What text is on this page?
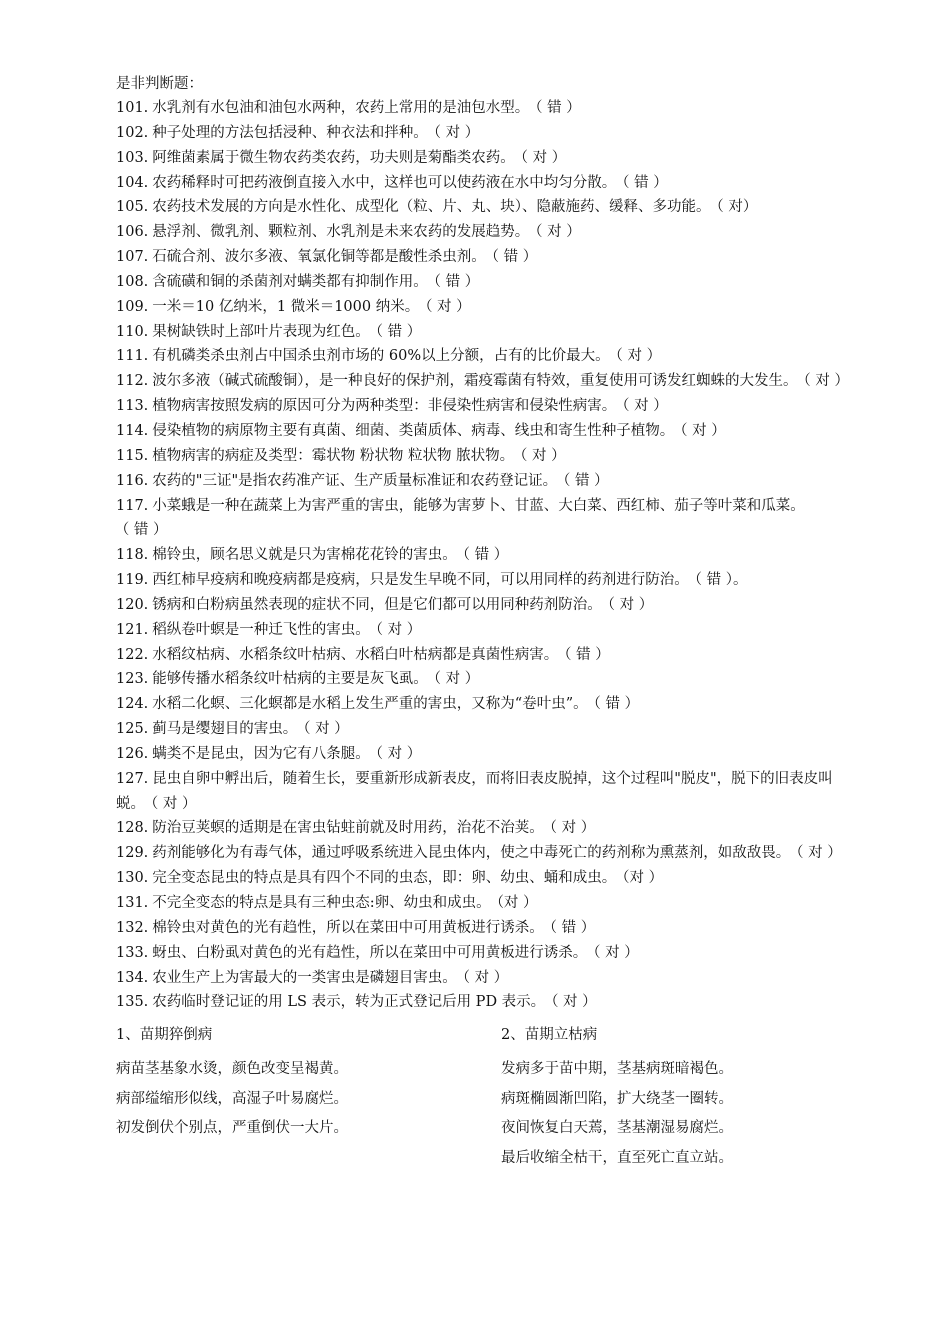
是非判断题：
101. 水乳剂有水包油和油包水两种，农药上常用的是油包水型。 （ 错 ）
102. 种子处理的方法包括浸种、种衣法和拌种。 （ 对 ）
103. 阿维菌素属于微生物农药类农药，功夫则是菊酯类农药。 （ 对 ）
104. 农药稀释时可把药液倒直接入水中，这样也可以使药液在水中均匀分散。 （ 错 ）
105. 农药技术发展的方向是水性化、成型化（粒、片、丸、块）、隐蔽施药、缓释、多功能。 （ 对）
106. 悬浮剂、微乳剂、颗粒剂、水乳剂是未来农药的发展趋势。 （ 对 ）
107. 石硫合剂、波尔多液、氧氯化铜等都是酸性杀虫剂。 （ 错 ）
108. 含硫磺和铜的杀菌剂对螨类都有抑制作用。 （ 错 ）
109. 一米＝10 亿纳米，1 微米＝1000 纳米。 （ 对 ）
110. 果树缺铁时上部叶片表现为红色。 （ 错 ）
111. 有机磷类杀虫剂占中国杀虫剂市场的 60%以上分额，占有的比价最大。 （ 对 ）
112. 波尔多液（碱式硫酸铜），是一种良好的保护剂，霜疫霉菌有特效，重复使用可诱发红蜘蛛的大发生。 （ 对 ）
113. 植物病害按照发病的原因可分为两种类型：非侵染性病害和侵染性病害。 （ 对 ）
114. 侵染植物的病原物主要有真菌、细菌、类菌质体、病毒、线虫和寄生性种子植物。 （ 对 ）
115. 植物病害的病症及类型：霉状物 粉状物 粒状物 脓状物。 （ 对 ）
116. 农药的"三证"是指农药准产证、生产质量标准证和农药登记证。 （ 错 ）
117. 小菜蛾是一种在蔬菜上为害严重的害虫，能够为害萝卜、甘蓝、大白菜、西红柿、茄子等叶菜和瓜菜。（ 错 ）
118. 棉铃虫，顾名思义就是只为害棉花花铃的害虫。 （ 错 ）
119. 西红柿早疫病和晚疫病都是疫病，只是发生早晚不同，可以用同样的药剂进行防治。 （ 错 ）。
120. 锈病和白粉病虽然表现的症状不同，但是它们都可以用同种药剂防治。 （ 对 ）
121. 稻纵卷叶螟是一种迁飞性的害虫。 （ 对 ）
122. 水稻纹枯病、水稻条纹叶枯病、水稻白叶枯病都是真菌性病害。 （ 错 ）
123. 能够传播水稻条纹叶枯病的主要是灰飞虱。 （ 对 ）
124. 水稻二化螟、三化螟都是水稻上发生严重的害虫，又称为“卷叶虫”。 （ 错 ）
125. 蓟马是缨翅目的害虫。 （ 对 ）
126. 螨类不是昆虫，因为它有八条腿。 （ 对 ）
127. 昆虫自卵中孵出后，随着生长，要重新形成新表皮，而将旧表皮脱掉，这个过程叫"脱皮"，脱下的旧表皮叫蜕。 （ 对 ）
128. 防治豆荚螟的适期是在害虫钻蛀前就及时用药，治花不治荚。 （ 对 ）
129. 药剂能够化为有毒气体，通过呼吸系统进入昆虫体内，使之中毒死亡的药剂称为熏蒸剂，如敌敌畏。 （ 对 ）
130. 完全变态昆虫的特点是具有四个不同的虫态，即：卵、幼虫、蛹和成虫。 （对 ）
131. 不完全变态的特点是具有三种虫态:卵、幼虫和成虫。 （对 ）
132. 棉铃虫对黄色的光有趋性，所以在菜田中可用黄板进行诱杀。 （ 错 ）
133. 蚜虫、白粉虱对黄色的光有趋性，所以在菜田中可用黄板进行诱杀。 （ 对 ）
134. 农业生产上为害最大的一类害虫是磷翅目害虫。 （ 对 ）
135. 农药临时登记证的用 LS 表示，转为正式登记后用 PD 表示。 （ 对 ）
1、苗期猝倒病
病苗茎基象水烫，颜色改变呈褐黄。
病部缢缩形似线，高湿子叶易腐烂。
初发倒伏个别点，严重倒伏一大片。
2、苗期立枯病
发病多于苗中期，茎基病斑暗褐色。
病斑椭圆渐凹陷，扩大绕茎一圈转。
夜间恢复白天蔫，茎基潮湿易腐烂。
最后收缩全枯干，直至死亡直立站。
